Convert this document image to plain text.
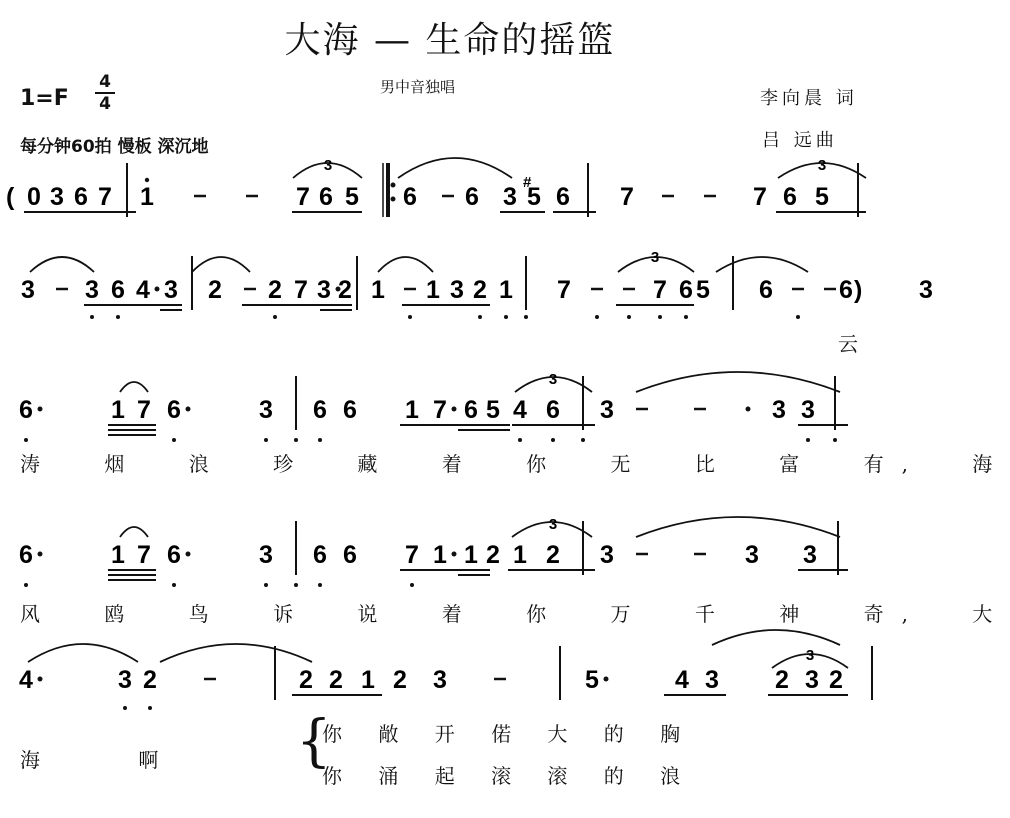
大海 — 生命的摇篮
1=F
4
4
男中音独唱
李向晨 词
每分钟60拍 慢板 深沉地	吕 远曲
0 3 6 7 1	7 6 5 6 6 3
#
5 6 7	7 6 5
3	3
(
3 3 6 4 3 2 2 7 3 2 1 1 3 2 1 7	7 6 5 6	6 ) 3
3
6	1 7 6	3 6 6 1 7 6 5 4 6 3	3 3
3
6	1 7 6	3 6 6 7 1 1 2 1 2 3	3 3
3
4	3 2	2 2 1 2 3	5	4 3 2 3 2
3
云
涛 烟 浪 珍 藏 着 你 无 比 富 有, 海
风 鸥 鸟 诉 说 着 你 万 千 神 奇, 大
海 啊 {
你 敞 开 偌 大 的 胸
你 涌 起 滚 滚 的 浪
